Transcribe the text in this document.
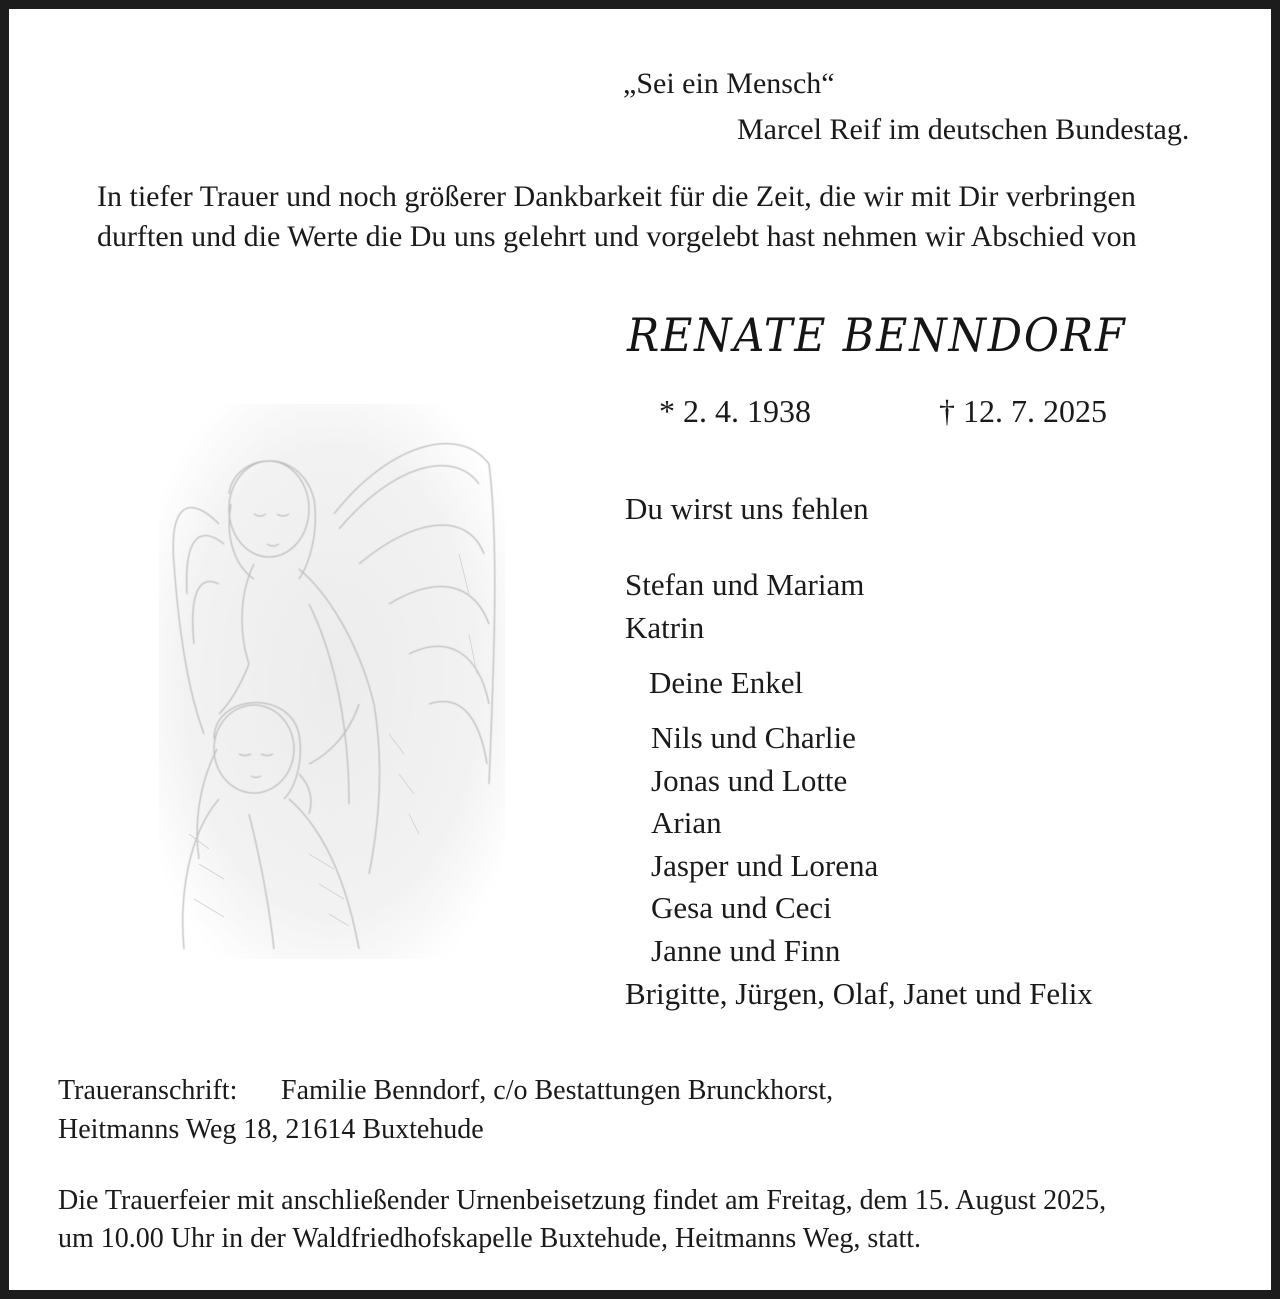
„Sei ein Mensch“
Marcel Reif im deutschen Bundestag.
In tiefer Trauer und noch größerer Dankbarkeit für die Zeit, die wir mit Dir verbringen
durften und die Werte die Du uns gelehrt und vorgelebt hast nehmen wir Abschied von
RENATE BENNDORF
* 2. 4. 1938	† 12. 7. 2025
Du wirst uns fehlen
Stefan und Mariam
Katrin
Deine Enkel
Nils und Charlie
Jonas und Lotte
Arian
Jasper und Lorena
Gesa und Ceci
Janne und Finn
Brigitte, Jürgen, Olaf, Janet und Felix
Traueranschrift: Familie Benndorf, c/o Bestattungen Brunckhorst,
Heitmanns Weg 18, 21614 Buxtehude
Die Trauerfeier mit anschließender Urnenbeisetzung findet am Freitag, dem 15. August 2025,
um 10.00 Uhr in der Waldfriedhofskapelle Buxtehude, Heitmanns Weg, statt.
